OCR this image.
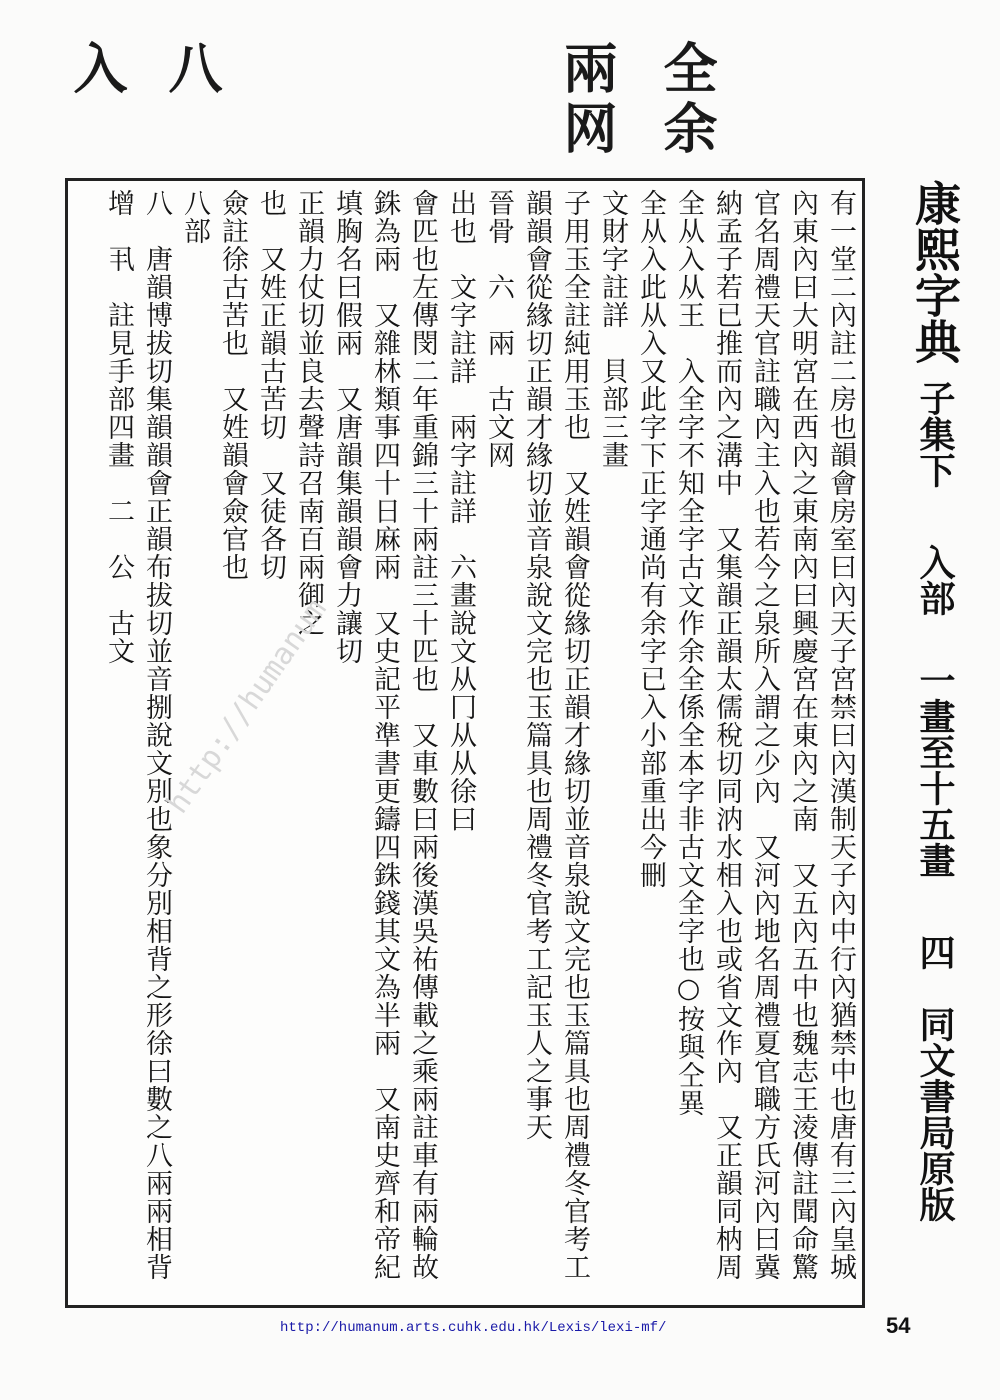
入 八	兩
网
全
余
康熙字典 子集下 入部 一畫至十五畫 四 同文書局原版
有一堂二內註二房也韻會房室曰內天子宮禁曰內漢制天子內中行內猶禁中也唐有三內皇城
內東內曰大明宮在西內之東南內曰興慶宮在東內之南　又五內五中也魏志王淩傳註聞命驚　
官名周禮天官註職內主入也若今之泉所入謂之少內　又河內地名周禮夏官職方氏河內曰冀　
納孟子若已推而內之溝中　又集韻正韻太儒稅切同汭水相入也或省文作內　又正韻同枘周　
全从入从王　入全字不知全字古文作余全係全本字非古文全字也○按與仝異
全从入此从入又此字下正字通尚有余字已入小部重出今刪
文財字註詳　貝部三畫
子用玉全註純用玉也　又姓韻會從緣切正韻才緣切並音泉說文完也玉篇具也周禮冬官考工
韻韻會從緣切正韻才緣切並音泉說文完也玉篇具也周禮冬官考工記玉人之事天
晉骨　六　兩　古文网
出也　文字註詳　兩字註詳　六畫說文从冂从从徐曰
會匹也左傳閔二年重錦三十兩註三十匹也　又車數曰兩後漢吳祐傳載之乘兩註車有兩輪故
銖為兩　又雜林類事四十日麻兩　又史記平準書更鑄四銖錢其文為半兩　又南史齊和帝紀
填胸名曰假兩　又唐韻集韻韻會力讓切
正韻力仗切並良去聲詩召南百兩御之
也　又姓正韻古苦切　又徒各切
僉註徐古苦也　又姓韻會僉官也
八部
八　唐韻博拔切集韻韻會正韻布拔切並音捌說文別也象分別相背之形徐曰數之八兩兩相背
增　丮　註見手部四畫　二　公　古文
http://humanum
http://humanum.arts.cuhk.edu.hk/Lexis/lexi-mf/	54
